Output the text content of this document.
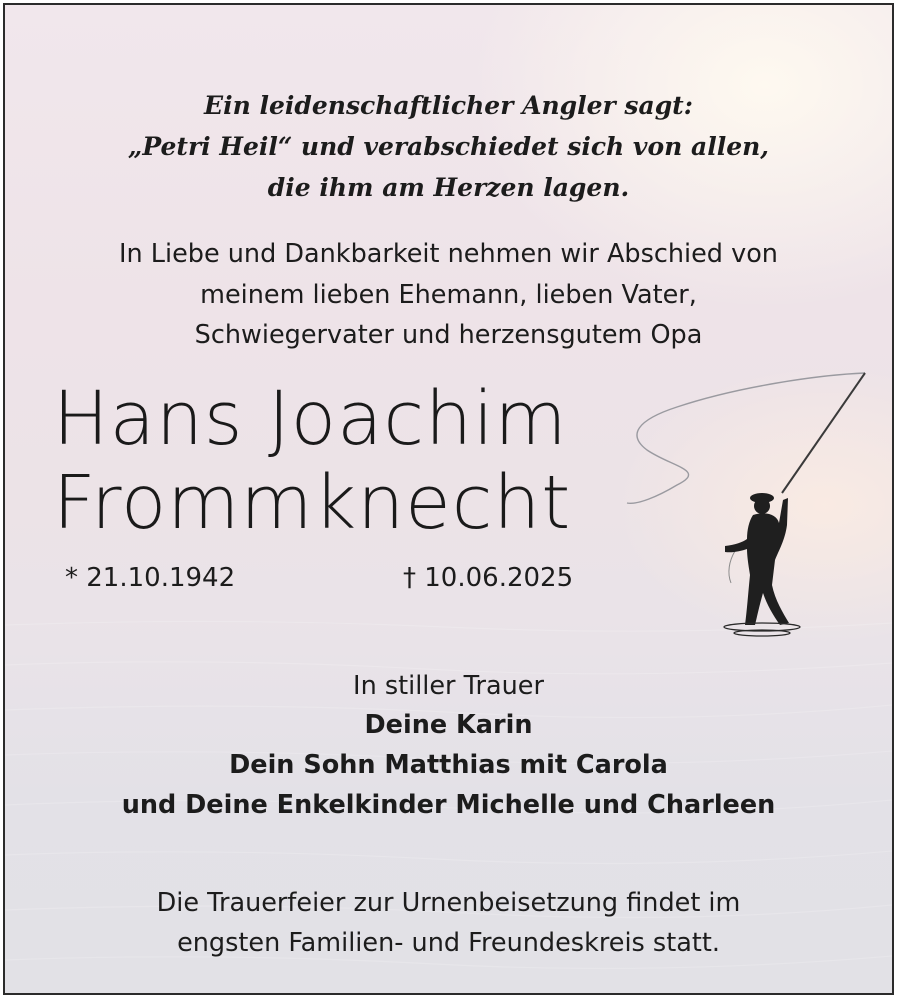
Ein leidenschaftlicher Angler sagt:
„Petri Heil“ und verabschiedet sich von allen,
die ihm am Herzen lagen.
In Liebe und Dankbarkeit nehmen wir Abschied von
meinem lieben Ehemann, lieben Vater,
Schwiegervater und herzensgutem Opa
Hans Joachim
Frommknecht
* 21.10.1942	† 10.06.2025
In stiller Trauer
Deine Karin
Dein Sohn Matthias mit Carola
und Deine Enkelkinder Michelle und Charleen
Die Trauerfeier zur Urnenbeisetzung findet im
engsten Familien- und Freundeskreis statt.
